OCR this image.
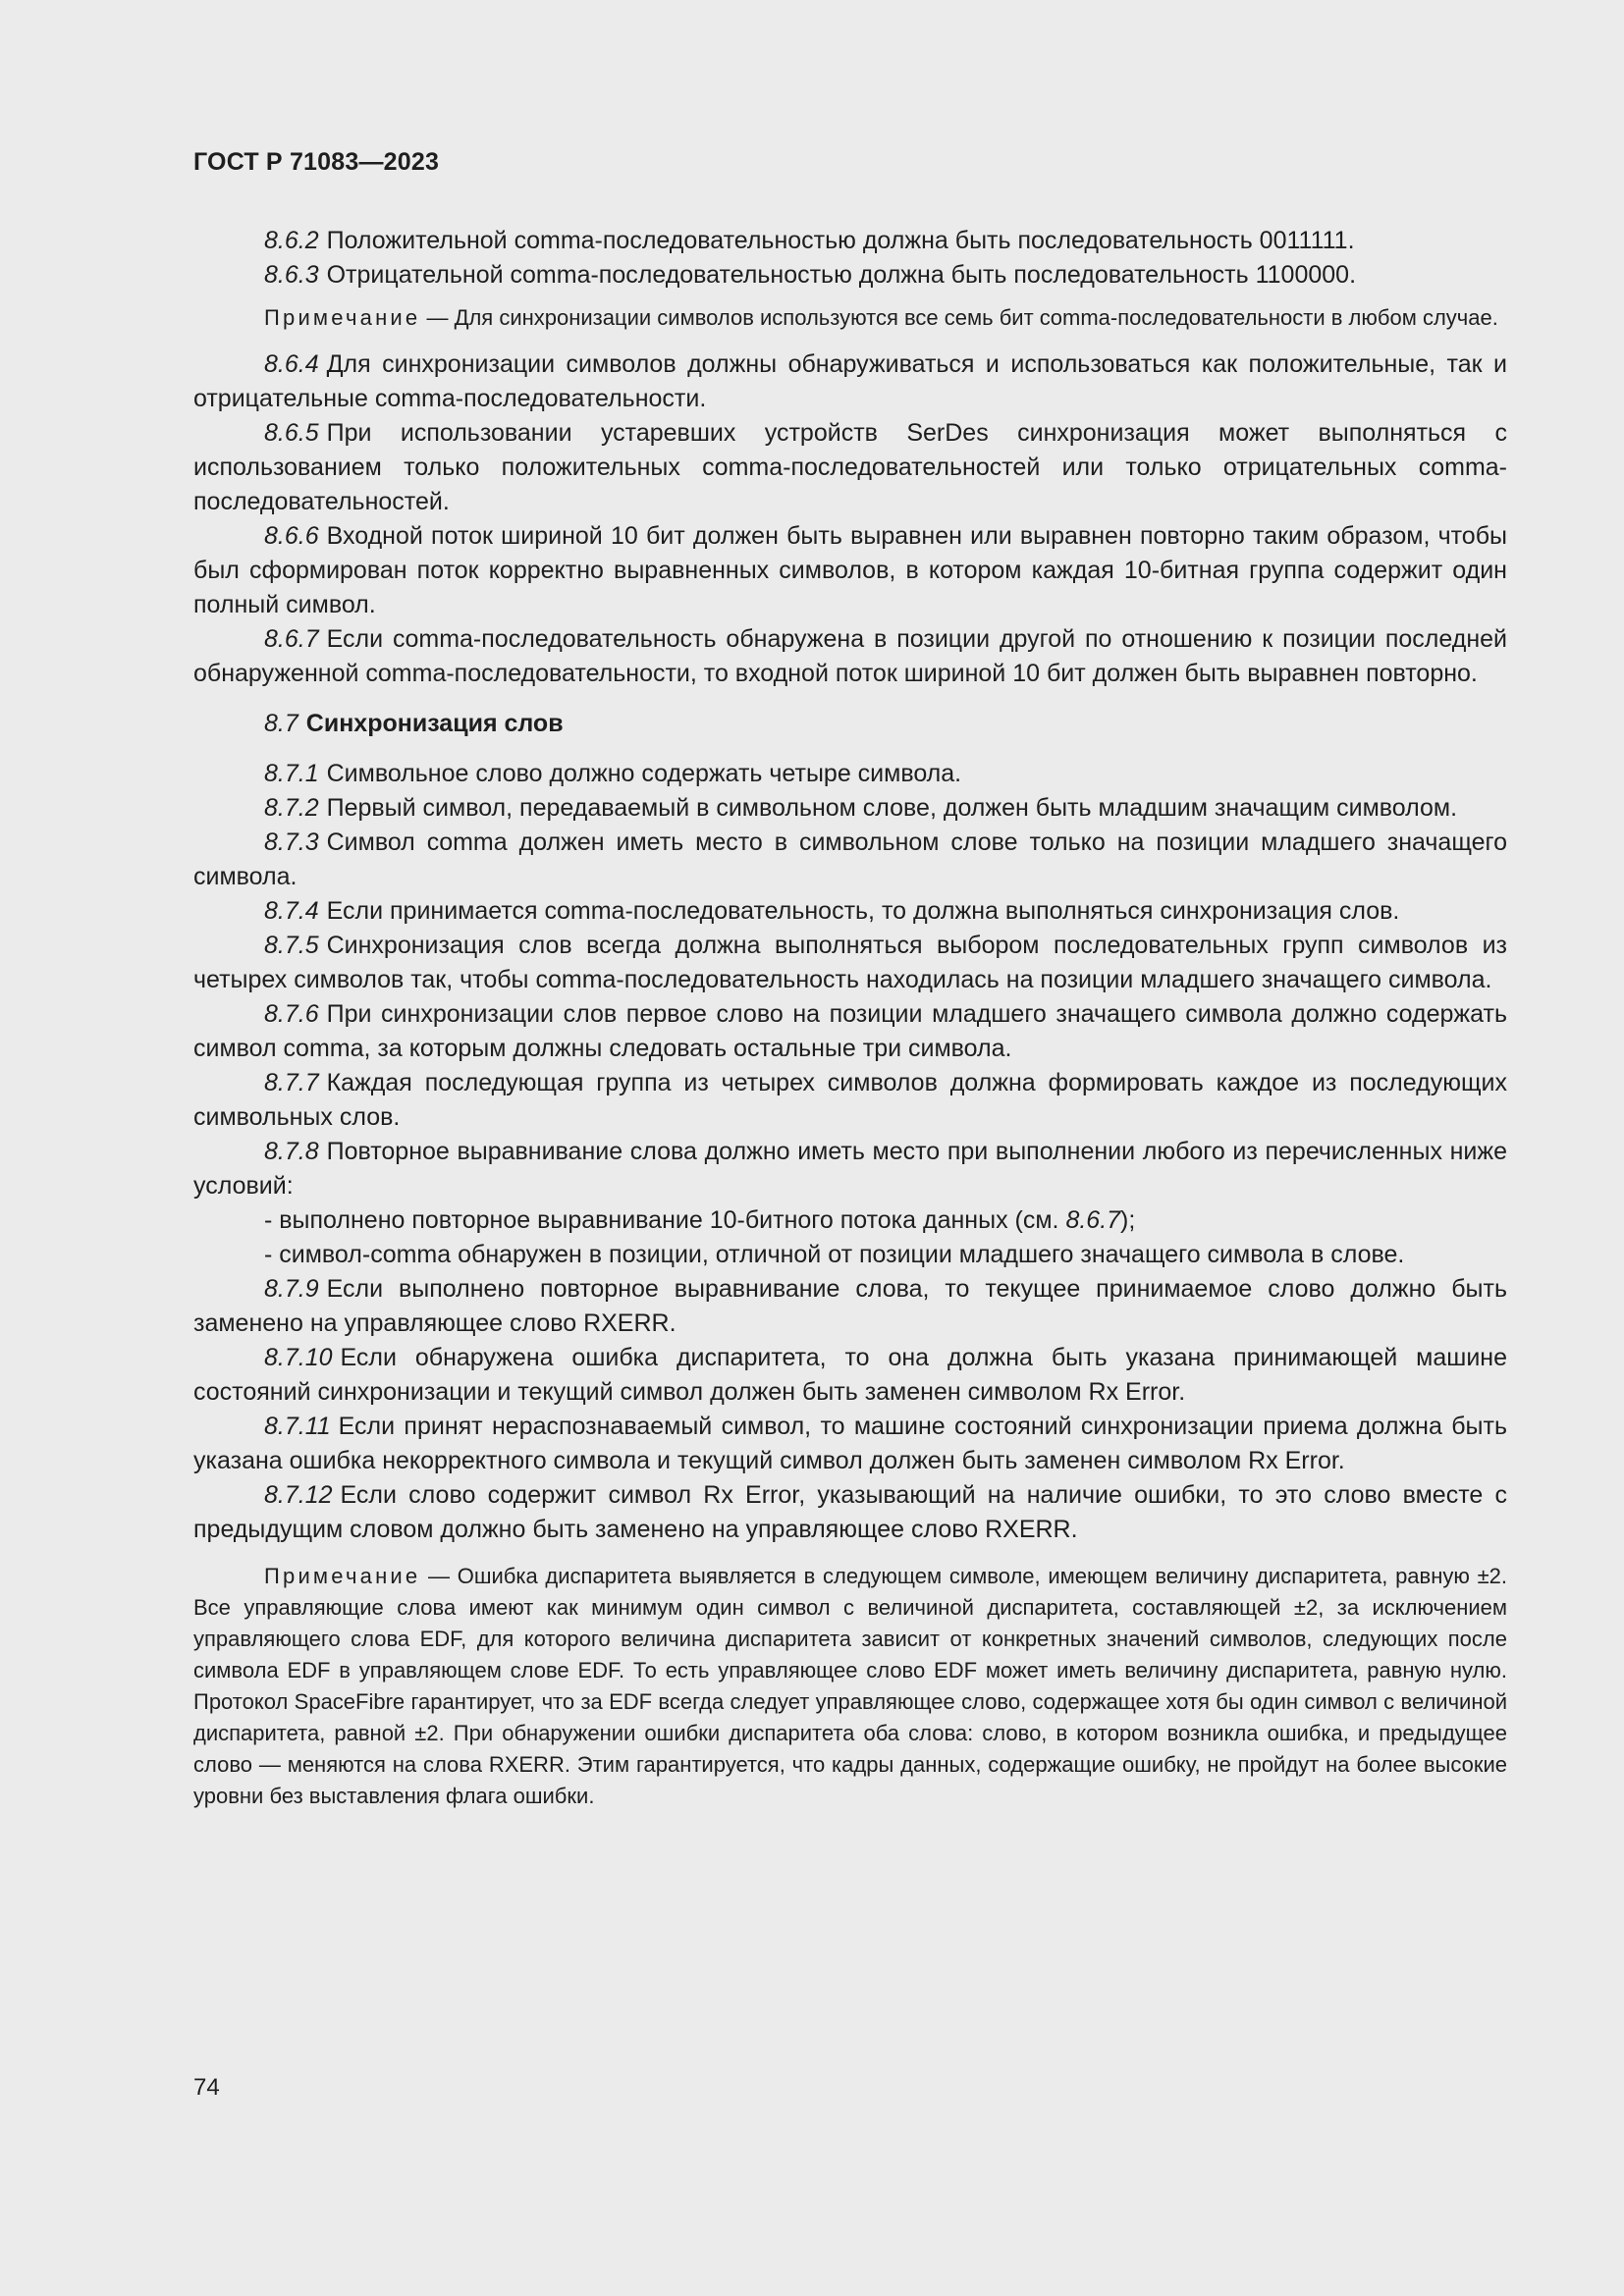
ГОСТ Р 71083—2023

8.6.2 Положительной comma-последовательностью должна быть последовательность 0011111.

8.6.3 Отрицательной comma-последовательностью должна быть последовательность 1100000.

Примечание — Для синхронизации символов используются все семь бит comma-последовательности в любом случае.

8.6.4 Для синхронизации символов должны обнаруживаться и использоваться как положительные, так и отрицательные comma-последовательности.

8.6.5 При использовании устаревших устройств SerDes синхронизация может выполняться с использованием только положительных comma-последовательностей или только отрицательных comma-последовательностей.

8.6.6 Входной поток шириной 10 бит должен быть выравнен или выравнен повторно таким образом, чтобы был сформирован поток корректно выравненных символов, в котором каждая 10-битная группа содержит один полный символ.

8.6.7 Если comma-последовательность обнаружена в позиции другой по отношению к позиции последней обнаруженной comma-последовательности, то входной поток шириной 10 бит должен быть выравнен повторно.

8.7 Синхронизация слов

8.7.1 Символьное слово должно содержать четыре символа.

8.7.2 Первый символ, передаваемый в символьном слове, должен быть младшим значащим символом.

8.7.3 Символ comma должен иметь место в символьном слове только на позиции младшего значащего символа.

8.7.4 Если принимается comma-последовательность, то должна выполняться синхронизация слов.

8.7.5 Синхронизация слов всегда должна выполняться выбором последовательных групп символов из четырех символов так, чтобы comma-последовательность находилась на позиции младшего значащего символа.

8.7.6 При синхронизации слов первое слово на позиции младшего значащего символа должно содержать символ comma, за которым должны следовать остальные три символа.

8.7.7 Каждая последующая группа из четырех символов должна формировать каждое из последующих символьных слов.

8.7.8 Повторное выравнивание слова должно иметь место при выполнении любого из перечисленных ниже условий:

- выполнено повторное выравнивание 10-битного потока данных (см. 8.6.7);

- символ-comma обнаружен в позиции, отличной от позиции младшего значащего символа в слове.

8.7.9 Если выполнено повторное выравнивание слова, то текущее принимаемое слово должно быть заменено на управляющее слово RXERR.

8.7.10 Если обнаружена ошибка диспаритета, то она должна быть указана принимающей машине состояний синхронизации и текущий символ должен быть заменен символом Rx Error.

8.7.11 Если принят нераспознаваемый символ, то машине состояний синхронизации приема должна быть указана ошибка некорректного символа и текущий символ должен быть заменен символом Rx Error.

8.7.12 Если слово содержит символ Rx Error, указывающий на наличие ошибки, то это слово вместе с предыдущим словом должно быть заменено на управляющее слово RXERR.

Примечание — Ошибка диспаритета выявляется в следующем символе, имеющем величину диспаритета, равную ±2. Все управляющие слова имеют как минимум один символ с величиной диспаритета, составляющей ±2, за исключением управляющего слова EDF, для которого величина диспаритета зависит от конкретных значений символов, следующих после символа EDF в управляющем слове EDF. То есть управляющее слово EDF может иметь величину диспаритета, равную нулю. Протокол SpaceFibre гарантирует, что за EDF всегда следует управляющее слово, содержащее хотя бы один символ с величиной диспаритета, равной ±2. При обнаружении ошибки диспаритета оба слова: слово, в котором возникла ошибка, и предыдущее слово — меняются на слова RXERR. Этим гарантируется, что кадры данных, содержащие ошибку, не пройдут на более высокие уровни без выставления флага ошибки.

74
